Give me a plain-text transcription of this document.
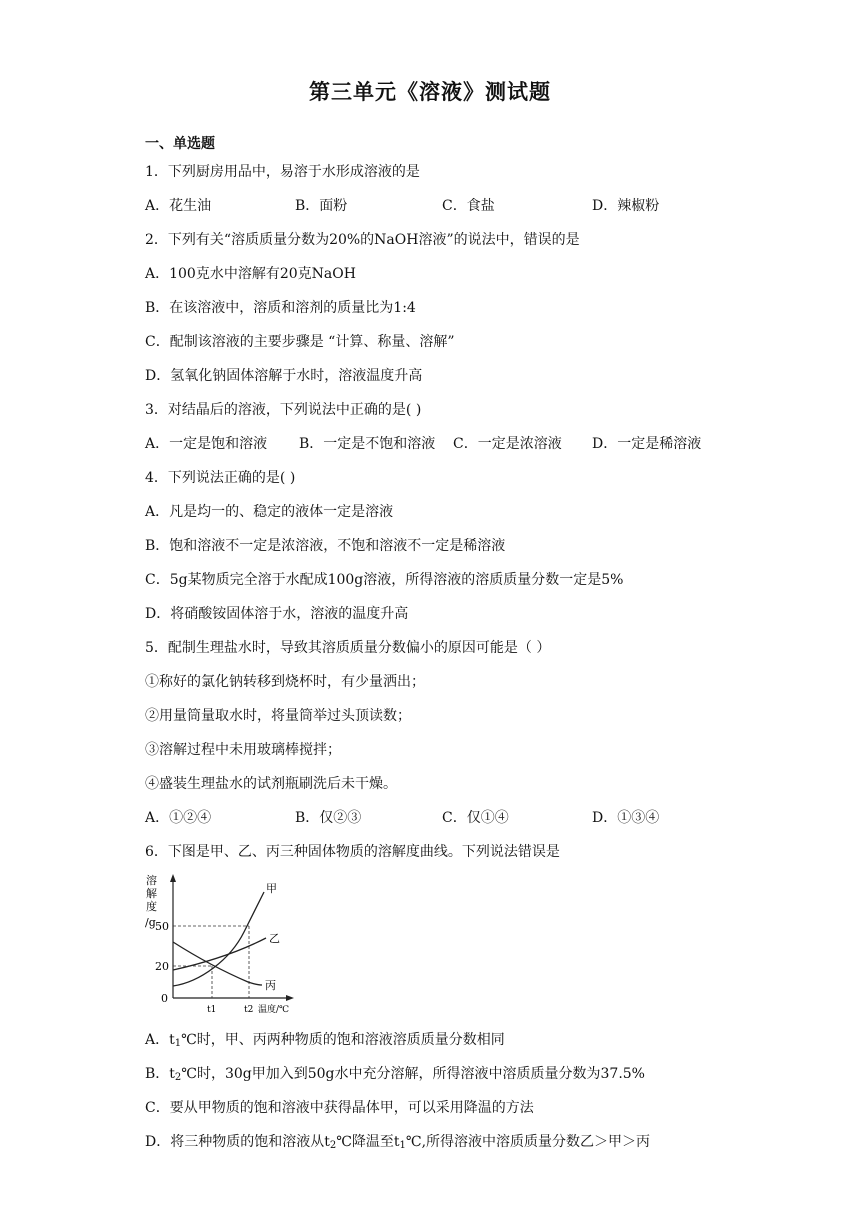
第三单元《溶液》测试题
一、单选题
1．下列厨房用品中，易溶于水形成溶液的是
A．花生油	B．面粉	C．食盐	D．辣椒粉
2．下列有关“溶质质量分数为20%的NaOH溶液”的说法中，错误的是
A．100克水中溶解有20克NaOH
B．在该溶液中，溶质和溶剂的质量比为1:4
C．配制该溶液的主要步骤是 “计算、称量、溶解”
D．氢氧化钠固体溶解于水时，溶液温度升高
3．对结晶后的溶液，下列说法中正确的是( )
A．一定是饱和溶液 B．一定是不饱和溶液 C．一定是浓溶液 D．一定是稀溶液
4．下列说法正确的是( )
A．凡是均一的、稳定的液体一定是溶液
B．饱和溶液不一定是浓溶液，不饱和溶液不一定是稀溶液
C．5g某物质完全溶于水配成100g溶液，所得溶液的溶质质量分数一定是5%
D．将硝酸铵固体溶于水，溶液的温度升高
5．配制生理盐水时，导致其溶质质量分数偏小的原因可能是（ ）
①称好的氯化钠转移到烧杯时，有少量洒出；
②用量筒量取水时，将量筒举过头顶读数；
③溶解过程中未用玻璃棒搅拌；
④盛装生理盐水的试剂瓶刷洗后未干燥。
A．①②④	B．仅②③	C．仅①④	D．①③④
6．下图是甲、乙、丙三种固体物质的溶解度曲线。下列说法错误是
溶
解
度
/g 50
20
0
t1	t2 温度/℃
甲
乙
丙
A．$t_1℃$时，甲、丙两种物质的饱和溶液溶质质量分数相同
B．$t_2℃$时，30g甲加入到50g水中充分溶解，所得溶液中溶质质量分数为37.5%
C．要从甲物质的饱和溶液中获得晶体甲，可以采用降温的方法
D．将三种物质的饱和溶液从$t_2℃$降温至$t_1℃$,所得溶液中溶质质量分数乙＞甲＞丙
